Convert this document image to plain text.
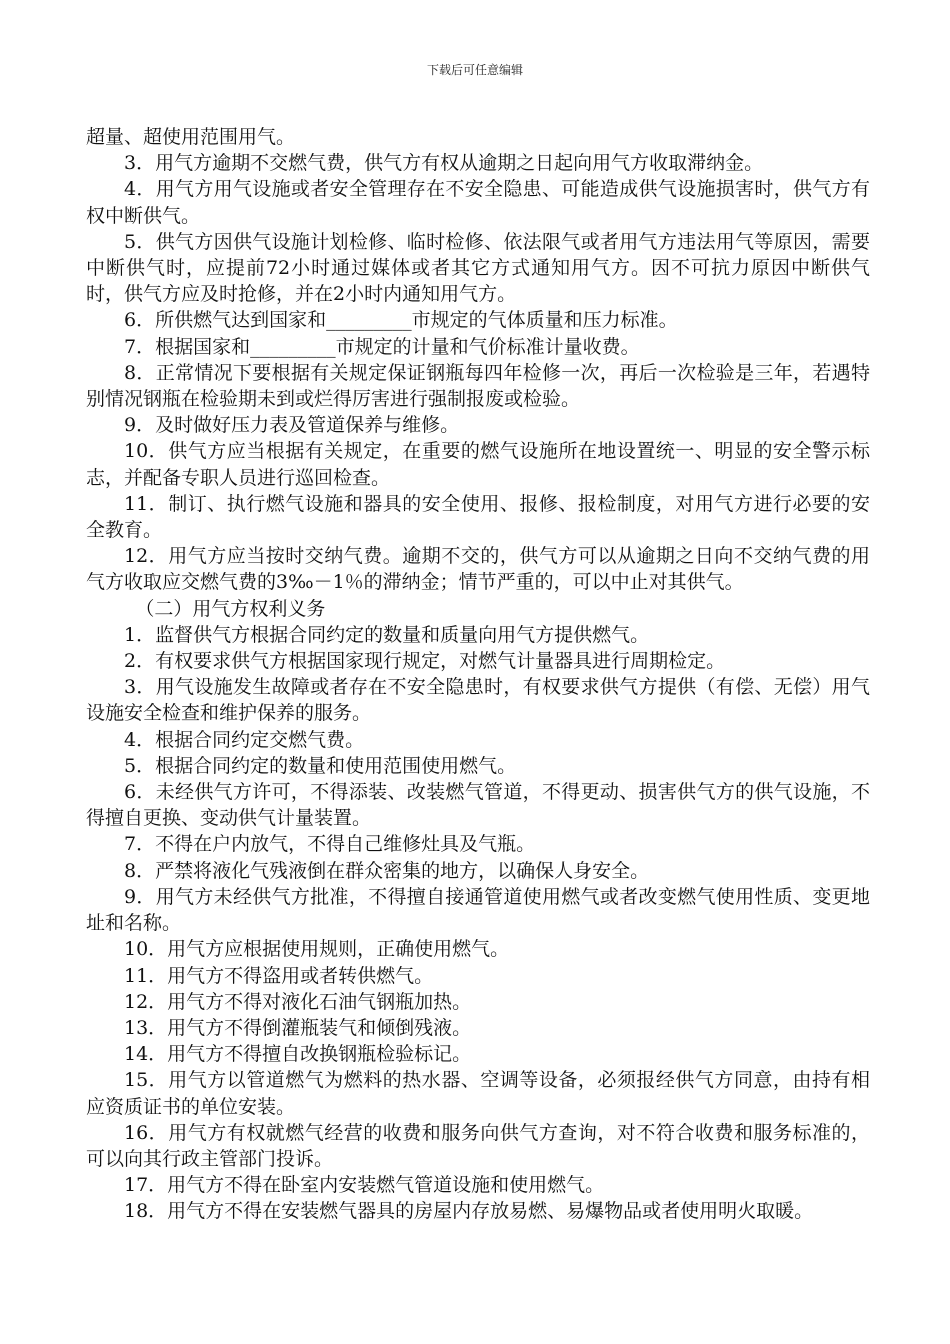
下载后可任意编辑

超量、超使用范围用气。

3．用气方逾期不交燃气费，供气方有权从逾期之日起向用气方收取滞纳金。

4．用气方用气设施或者安全管理存在不安全隐患、可能造成供气设施损害时，供气方有权中断供气。

5．供气方因供气设施计划检修、临时检修、依法限气或者用气方违法用气等原因，需要中断供气时，应提前72小时通过媒体或者其它方式通知用气方。因不可抗力原因中断供气时，供气方应及时抢修，并在2小时内通知用气方。

6．所供燃气达到国家和_________市规定的气体质量和压力标准。

7．根据国家和_________市规定的计量和气价标准计量收费。

8．正常情况下要根据有关规定保证钢瓶每四年检修一次，再后一次检验是三年，若遇特别情况钢瓶在检验期未到或烂得厉害进行强制报废或检验。

9．及时做好压力表及管道保养与维修。

10．供气方应当根据有关规定，在重要的燃气设施所在地设置统一、明显的安全警示标志，并配备专职人员进行巡回检查。

11．制订、执行燃气设施和器具的安全使用、报修、报检制度，对用气方进行必要的安全教育。

12．用气方应当按时交纳气费。逾期不交的，供气方可以从逾期之日向不交纳气费的用气方收取应交燃气费的3‰－1％的滞纳金；情节严重的，可以中止对其供气。

（二）用气方权利义务

1．监督供气方根据合同约定的数量和质量向用气方提供燃气。

2．有权要求供气方根据国家现行规定，对燃气计量器具进行周期检定。

3．用气设施发生故障或者存在不安全隐患时，有权要求供气方提供（有偿、无偿）用气设施安全检查和维护保养的服务。

4．根据合同约定交燃气费。

5．根据合同约定的数量和使用范围使用燃气。

6．未经供气方许可，不得添装、改装燃气管道，不得更动、损害供气方的供气设施，不得擅自更换、变动供气计量装置。

7．不得在户内放气，不得自己维修灶具及气瓶。

8．严禁将液化气残液倒在群众密集的地方，以确保人身安全。

9．用气方未经供气方批准，不得擅自接通管道使用燃气或者改变燃气使用性质、变更地址和名称。

10．用气方应根据使用规则，正确使用燃气。

11．用气方不得盗用或者转供燃气。

12．用气方不得对液化石油气钢瓶加热。

13．用气方不得倒灌瓶装气和倾倒残液。

14．用气方不得擅自改换钢瓶检验标记。

15．用气方以管道燃气为燃料的热水器、空调等设备，必须报经供气方同意，由持有相应资质证书的单位安装。

16．用气方有权就燃气经营的收费和服务向供气方查询，对不符合收费和服务标准的，可以向其行政主管部门投诉。

17．用气方不得在卧室内安装燃气管道设施和使用燃气。

18．用气方不得在安装燃气器具的房屋内存放易燃、易爆物品或者使用明火取暖。
